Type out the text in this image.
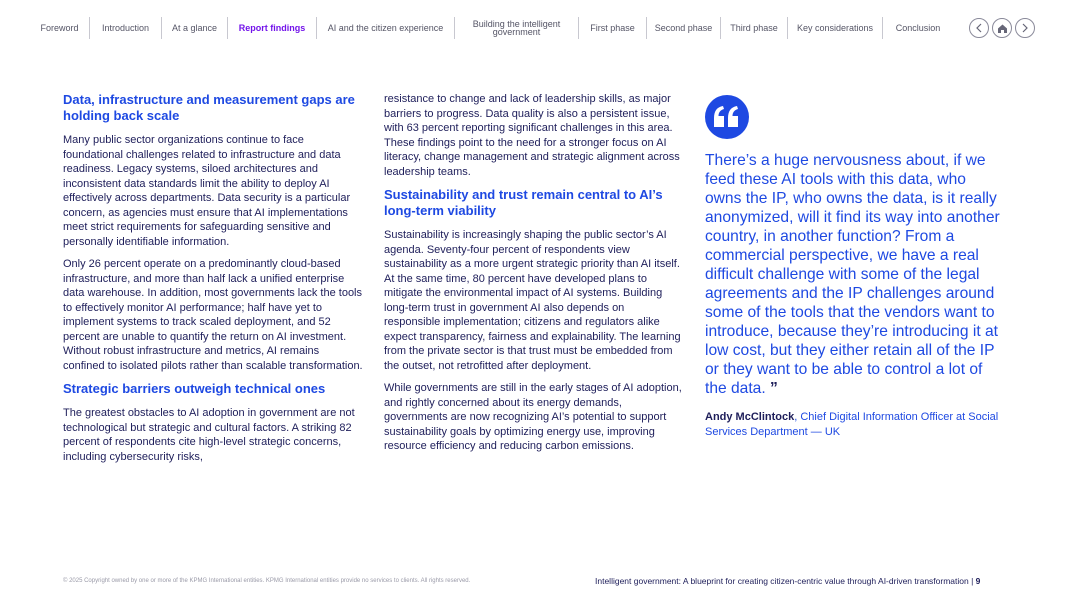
Foreword	Introduction	At a glance	Report findings	AI and the citizen experience	Building the intelligent government	First phase	Second phase	Third phase	Key considerations	Conclusion
Data, infrastructure and measurement gaps are holding back scale

Many public sector organizations continue to face foundational challenges related to infrastructure and data readiness. Legacy systems, siloed architectures and inconsistent data standards limit the ability to deploy AI effectively across departments. Data security is a particular concern, as agencies must ensure that AI implementations meet strict requirements for safeguarding sensitive and personally identifiable information.

Only 26 percent operate on a predominantly cloud-based infrastructure, and more than half lack a unified enterprise data warehouse. In addition, most governments lack the tools to effectively monitor AI performance; half have yet to implement systems to track scaled deployment, and 52 percent are unable to quantify the return on AI investment. Without robust infrastructure and metrics, AI remains confined to isolated pilots rather than scalable transformation.

Strategic barriers outweigh technical ones

The greatest obstacles to AI adoption in government are not technological but strategic and cultural factors. A striking 82 percent of respondents cite high-level strategic concerns, including cybersecurity risks,

resistance to change and lack of leadership skills, as major barriers to progress. Data quality is also a persistent issue, with 63 percent reporting significant challenges in this area. These findings point to the need for a stronger focus on AI literacy, change management and strategic alignment across leadership teams.

Sustainability and trust remain central to AI’s long-term viability

Sustainability is increasingly shaping the public sector’s AI agenda. Seventy-four percent of respondents view sustainability as a more urgent strategic priority than AI itself. At the same time, 80 percent have developed plans to mitigate the environmental impact of AI systems. Building long-term trust in government AI also depends on responsible implementation; citizens and regulators alike expect transparency, fairness and explainability. The learning from the private sector is that trust must be embedded from the outset, not retrofitted after deployment.

While governments are still in the early stages of AI adoption, and rightly concerned about its energy demands, governments are now recognizing AI’s potential to support sustainability goals by optimizing energy use, improving resource efficiency and reducing carbon emissions.

There’s a huge nervousness about, if we feed these AI tools with this data, who owns the IP, who owns the data, is it really anonymized, will it find its way into another country, in another function? From a commercial perspective, we have a real difficult challenge with some of the legal agreements and the IP challenges around some of the tools that the vendors want to introduce, because they’re introducing it at low cost, but they either retain all of the IP or they want to be able to control a lot of the data. ”
Andy McClintock, Chief Digital Information Officer at Social Services Department — UK
© 2025 Copyright owned by one or more of the KPMG International entities. KPMG International entities provide no services to clients. All rights reserved.	Intelligent government: A blueprint for creating citizen-centric value through AI-driven transformation | 9
